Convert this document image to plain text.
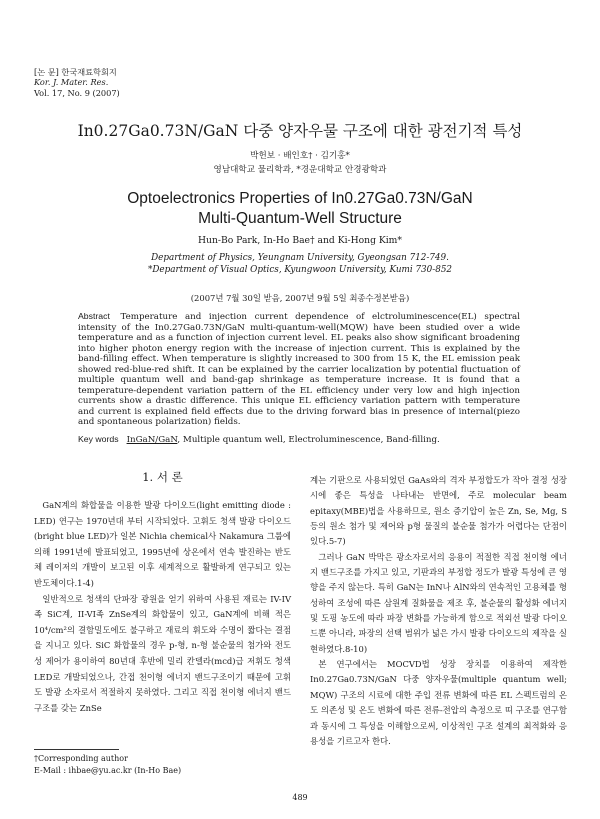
[논 문] 한국재료학회지
Kor. J. Mater. Res.
Vol. 17, No. 9 (2007)
In0.27Ga0.73N/GaN 다중 양자우물 구조에 대한 광전기적 특성
박헌보 · 배인호† · 김기홍*
영남대학교 물리학과, *경운대학교 안경광학과
Optoelectronics Properties of In0.27Ga0.73N/GaN
Multi-Quantum-Well Structure
Hun-Bo Park, In-Ho Bae† and Ki-Hong Kim*
Department of Physics, Yeungnam University, Gyeongsan 712-749.
*Department of Visual Optics, Kyungwoon University, Kumi 730-852
(2007년 7월 30일 받음, 2007년 9월 5일 최종수정본받음)
Abstract Temperature and injection current dependence of elctroluminescence(EL) spectral intensity of the In0.27Ga0.73N/GaN multi-quantum-well(MQW) have been studied over a wide temperature and as a function of injection current level. EL peaks also show significant broadening into higher photon energy region with the increase of injection current. This is explained by the band-filling effect. When temperature is slightly increased to 300 from 15 K, the EL emission peak showed red-blue-red shift. It can be explained by the carrier localization by potential fluctuation of multiple quantum well and band-gap shrinkage as temperature increase. It is found that a temperature-dependent variation pattern of the EL efficiency under very low and high injection currents show a drastic difference. This unique EL efficiency variation pattern with temperature and current is explained field effects due to the driving forward bias in presence of internal(piezo and spontaneous polarization) fields.
Key words InGaN/GaN, Multiple quantum well, Electroluminescence, Band-filling.
1. 서 론

GaN계의 화합물을 이용한 발광 다이오드(light emitting diode : LED) 연구는 1970년대 부터 시작되었다. 고휘도 청색 발광 다이오드(bright blue LED)가 일본 Nichia chemical사 Nakamura 그룹에 의해 1991년에 발표되었고, 1995년에 상온에서 연속 발진하는 반도체 레이저의 개발이 보고된 이후 세계적으로 활발하게 연구되고 있는 반도체이다.1-4)

일반적으로 청색의 단파장 광원을 얻기 위하여 사용된 재료는 IV-IV족 SiC계, II-VI족 ZnSe계의 화합물이 있고, GaN계에 비해 적은 10⁴/cm²의 결함밀도에도 불구하고 재료의 휘도와 수명이 짧다는 결점을 지니고 있다. SiC 화합물의 경우 p-형, n-형 불순물의 첨가와 전도성 제어가 용이하여 80년대 후반에 밀리 칸델라(mcd)급 저휘도 청색 LED로 개발되었으나, 간접 천이형 에너지 밴드구조이기 때문에 고휘도 발광 소자로서 적절하지 못하였다. 그리고 직접 천이형 에너지 밴드구조를 갖는 ZnSe

계는 기판으로 사용되었던 GaAs와의 격자 부정합도가 작아 결정 성장시에 좋은 특성을 나타내는 반면에, 주로 molecular beam epitaxy(MBE)법을 사용하므로, 원소 증기압이 높은 Zn, Se, Mg, S 등의 원소 첨가 및 제어와 p형 물질의 불순물 첨가가 어렵다는 단점이 있다.5-7)

그러나 GaN 박막은 광소자로서의 응용이 적절한 직접 천이형 에너지 밴드구조를 가지고 있고, 기판과의 부정합 정도가 발광 특성에 큰 영향을 주지 않는다. 특히 GaN는 InN나 AlN와의 연속적인 고용체를 형성하여 조성에 따른 삼원계 질화물을 제조 후, 불순물의 활성화 에너지 및 도핑 농도에 따라 파장 변화를 가능하게 함으로 적외선 발광 다이오드뿐 아니라, 파장의 선택 범위가 넓은 가시 발광 다이오드의 제작을 실현하였다.8-10)

본 연구에서는 MOCVD법 성장 장치를 이용하여 제작한 In0.27Ga0.73N/GaN 다중 양자우물(multiple quantum well; MQW) 구조의 시료에 대한 주입 전류 변화에 따른 EL 스펙트럼의 온도 의존성 및 온도 변화에 따른 전류-전압의 측정으로 띠 구조를 연구함과 동시에 그 특성을 이해함으로써, 이상적인 구조 설계의 최적화와 응용성을 기르고자 한다.

†Corresponding author
E-Mail : ihbae@yu.ac.kr (In-Ho Bae)
489
